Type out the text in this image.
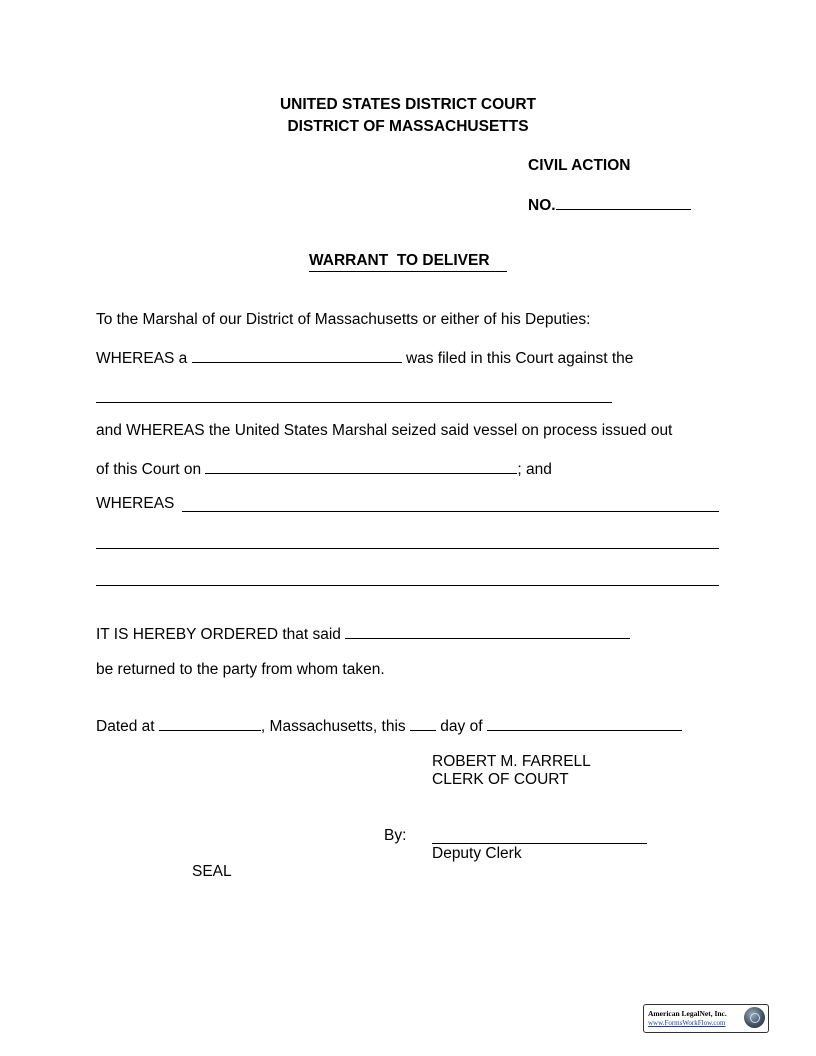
UNITED STATES DISTRICT COURT
DISTRICT OF MASSACHUSETTS
CIVIL ACTION
NO.
WARRANT  TO DELIVER
To the Marshal of our District of Massachusetts or either of his Deputies:
WHEREAS a	was filed in this Court against the
and WHEREAS the United States Marshal seized said vessel on process issued out
of this Court on	; and
WHEREAS
IT IS HEREBY ORDERED that said
be returned to the party from whom taken.
Dated at	, Massachusetts, this day of
ROBERT M. FARRELL
CLERK OF COURT
By:
Deputy Clerk
SEAL
American LegalNet, Inc.
www.FormsWorkFlow.com
